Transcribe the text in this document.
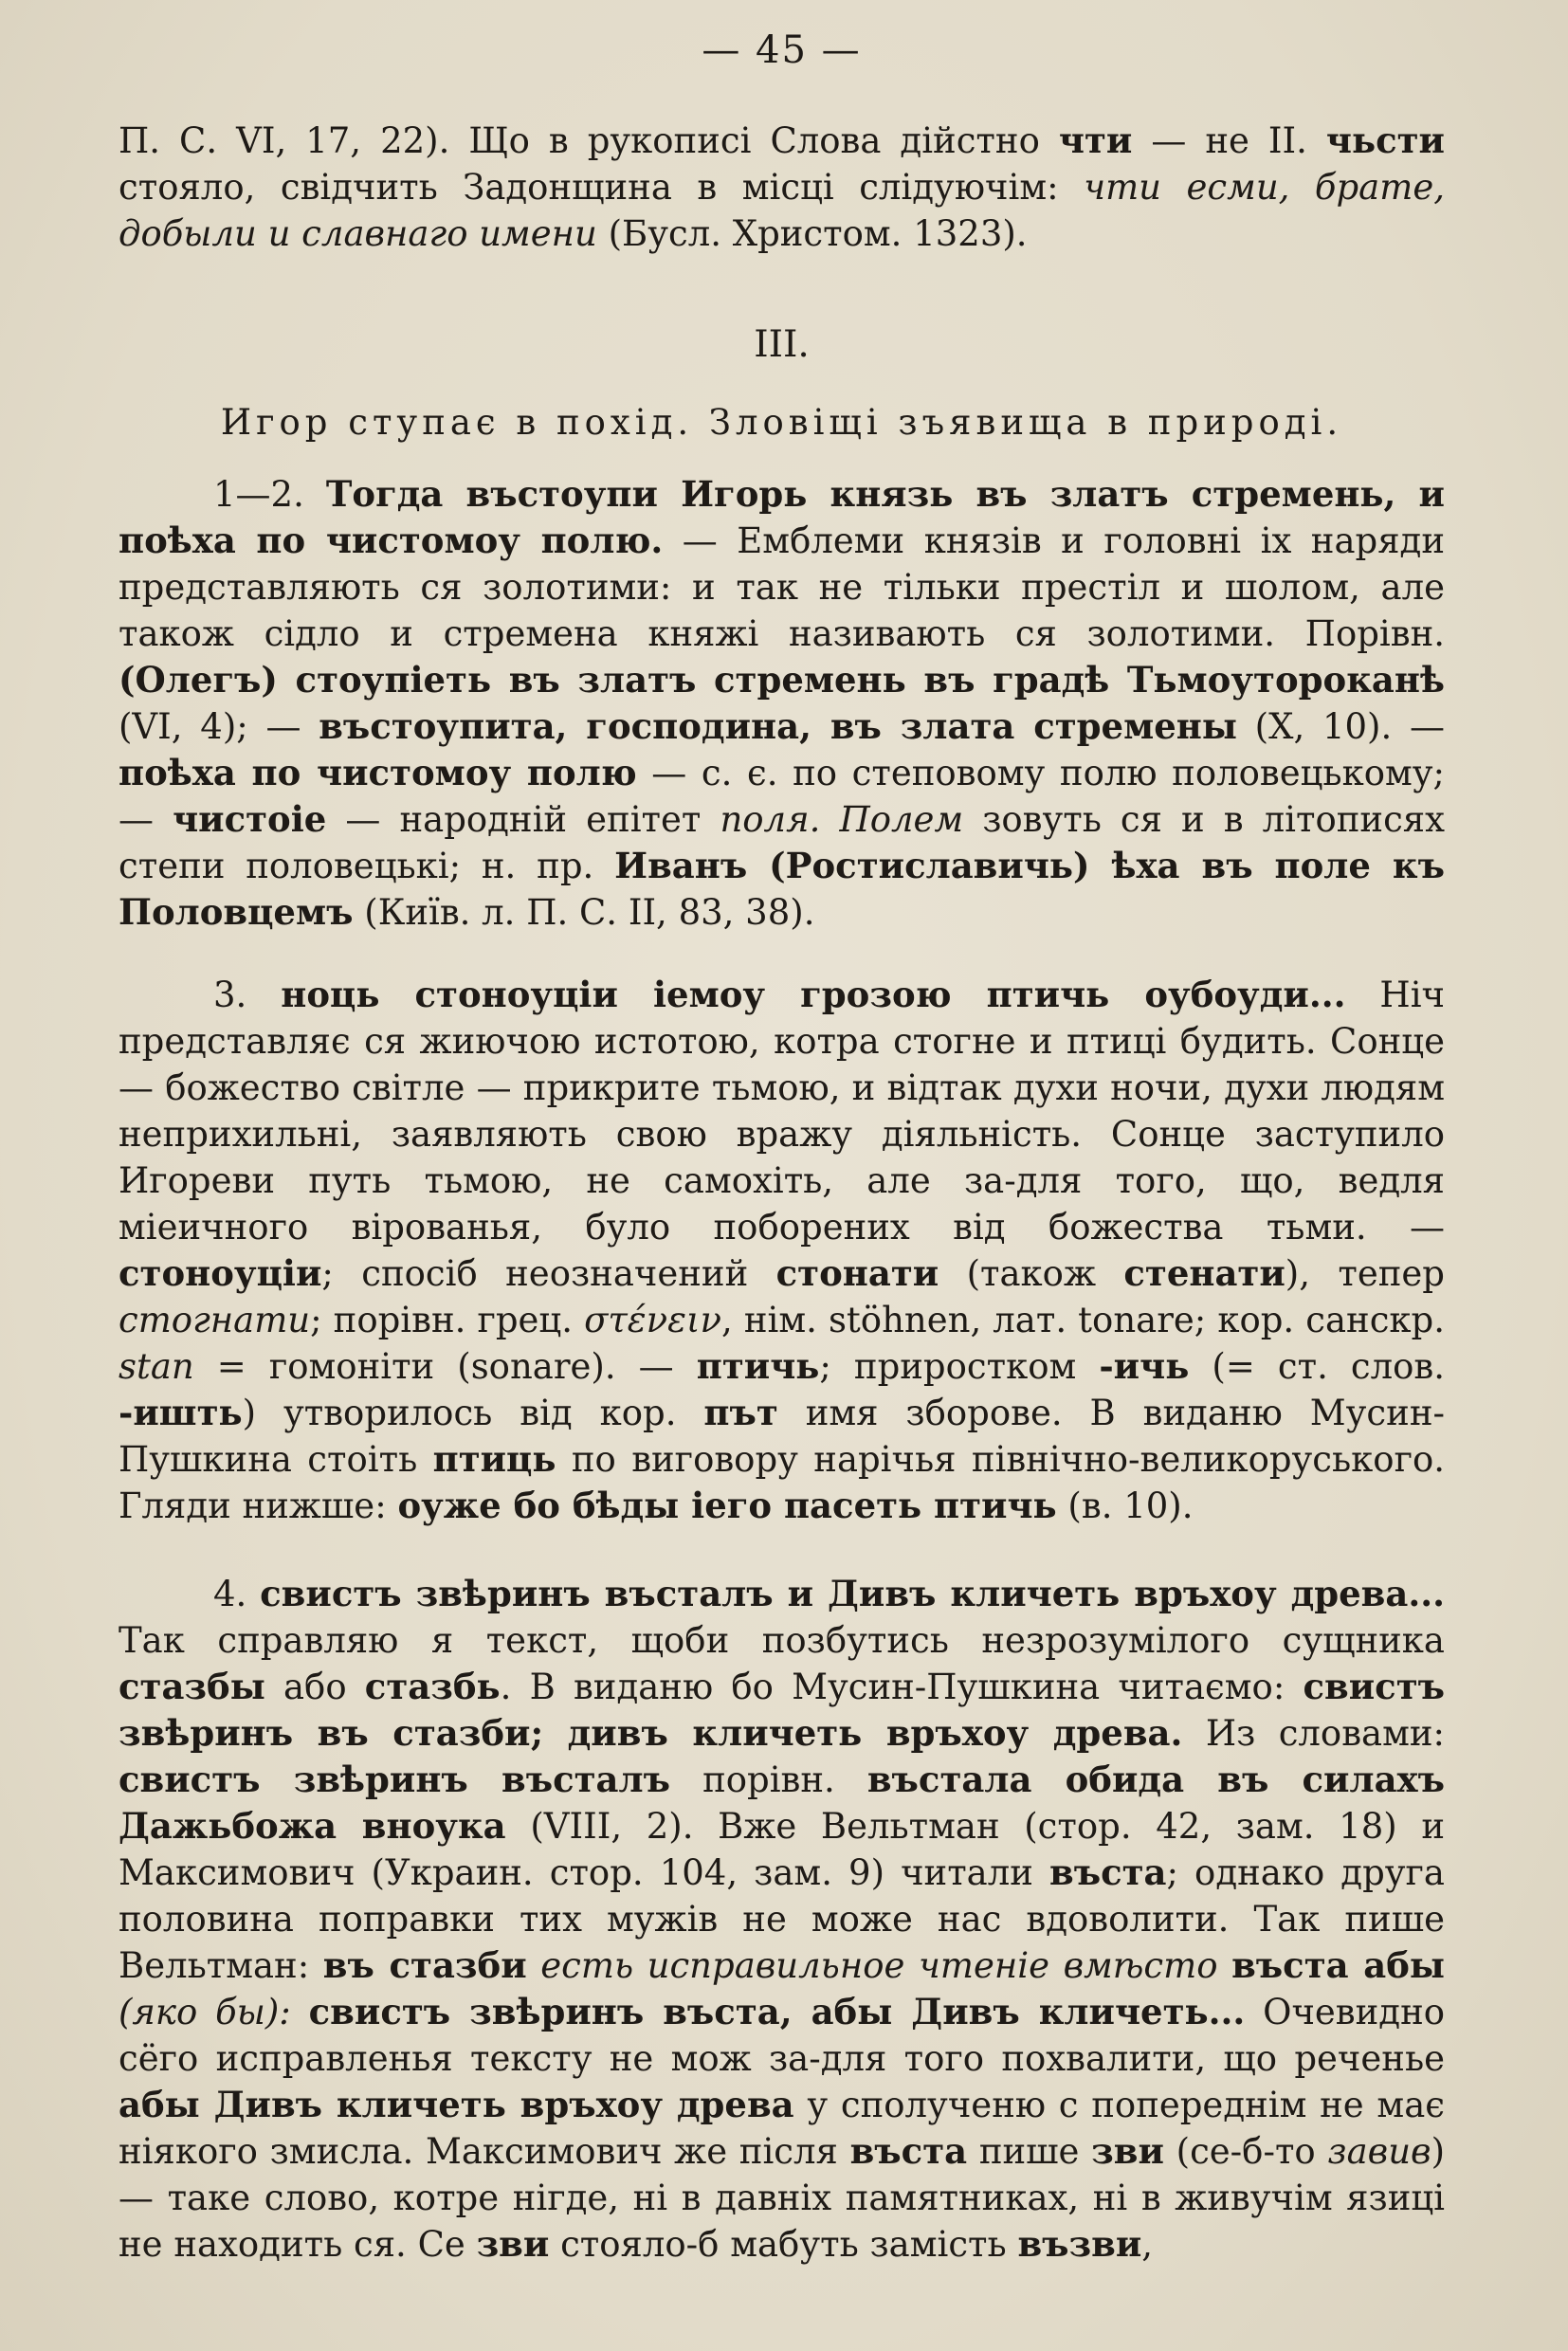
— 45 —

П. С. VI, 17, 22). Що в рукописі Слова дійстно чти — не II. чьсти стояло, свідчить Задонщина в місці слідуючім: чти есми, брате, добыли и славнаго имени (Бусл. Христом. 1323).

III.
Игор ступає в похід. Зловіщі зъявища в природі.

1—2. Тогда въстоупи Игорь князь въ златъ стремень, и поѣха по чистомоу полю. — Емблеми князів и головні іх наряди представляють ся золотими: и так не тільки престіл и шолом, але також сідло и стремена княжі називають ся золотими. Порівн. (Олегъ) стоупіеть въ златъ стремень въ градѣ Тьмоутороканѣ (VI, 4); — въстоупита, господина, въ злата стремены (X, 10). — поѣха по чистомоу полю — с. є. по степовому полю половецькому; — чистоіе — народній епітет поля. Полем зовуть ся и в літописях степи половецькі; н. пр. Иванъ (Ростиславичь) ѣха въ поле къ Половцемъ (Київ. л. П. С. II, 83, 38).

3. ноць стоноуціи іемоу грозою птичь оубоуди... Ніч представляє ся жиючою истотою, котра стогне и птиці будить. Сонце — божество світле — прикрите тьмою, и відтак духи ночи, духи людям неприхильні, заявляють свою вражу діяльність. Сонце заступило Игореви путь тьмою, не самохіть, але за-для того, що, ведля міеичного вірованья, було поборених від божества тьми. — стоноуціи; спосіб неозначений стонати (також стенати), тепер стогнати; порівн. грец. στένειν, нім. stöhnen, лат. tonare; кор. санскр. stan = гомоніти (sonare). — птичь; приростком -ичь (= ст. слов. -ишть) утворилось від кор. път имя зборове. В виданю Мусин-Пушкина стоіть птиць по виговору нарічья північно-великоруського. Гляди нижше: оуже бо бѣды іего пасеть птичь (в. 10).

4. свистъ звѣринъ въсталъ и Дивъ кличеть връхоу древа... Так справляю я текст, щоби позбутись незрозумілого сущника стазбы або стазбь. В виданю бо Мусин-Пушкина читаємо: свистъ звѣринъ въ стазби; дивъ кличеть връхоу древа. Из словами: свистъ звѣринъ въсталъ порівн. въстала обида въ силахъ Дажьбожа вноука (VIII, 2). Вже Вельтман (стор. 42, зам. 18) и Максимович (Украин. стор. 104, зам. 9) читали въста; однако друга половина поправки тих мужів не може нас вдоволити. Так пише Вельтман: въ стазби есть исправильное чтеніе вмѣсто въста абы (яко бы): свистъ звѣринъ въста, абы Дивъ кличеть... Очевидно сёго исправленья тексту не мож за-для того похвалити, що реченье абы Дивъ кличеть връхоу древа у сполученю с попереднім не має ніякого змисла. Максимович же після въста пише зви (се-б-то завив) — таке слово, котре нігде, ні в давніх памятниках, ні в живучім язиці не находить ся. Се зви стояло-б мабуть замість възви,
